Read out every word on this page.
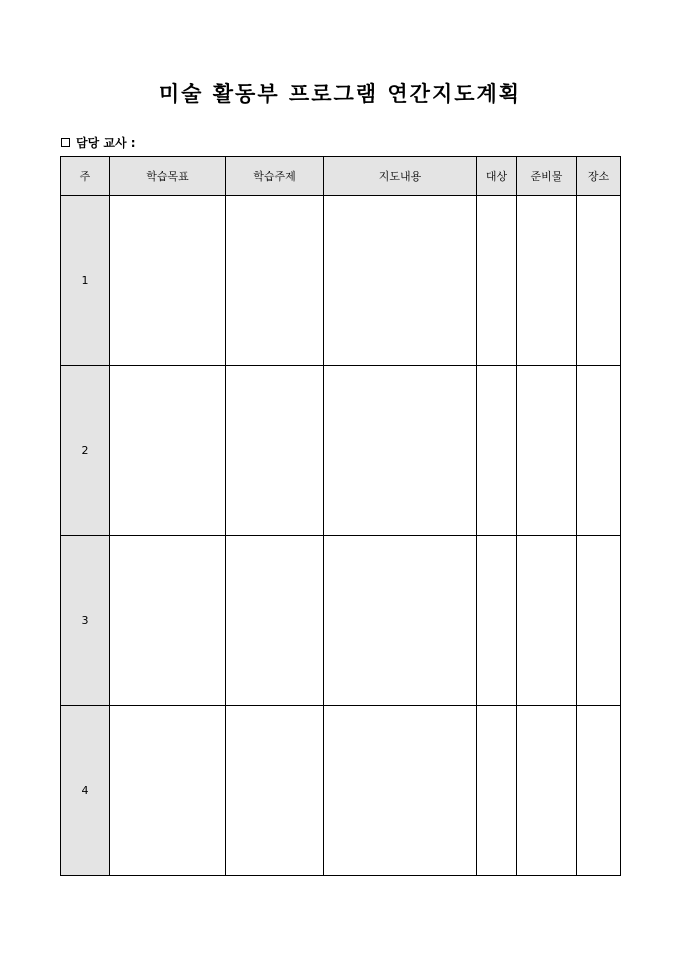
미술 활동부 프로그램 연간지도계획
담당 교사 :
주	학습목표	학습주제	지도내용	대상	준비물	장소
1						
2						
3						
4						
